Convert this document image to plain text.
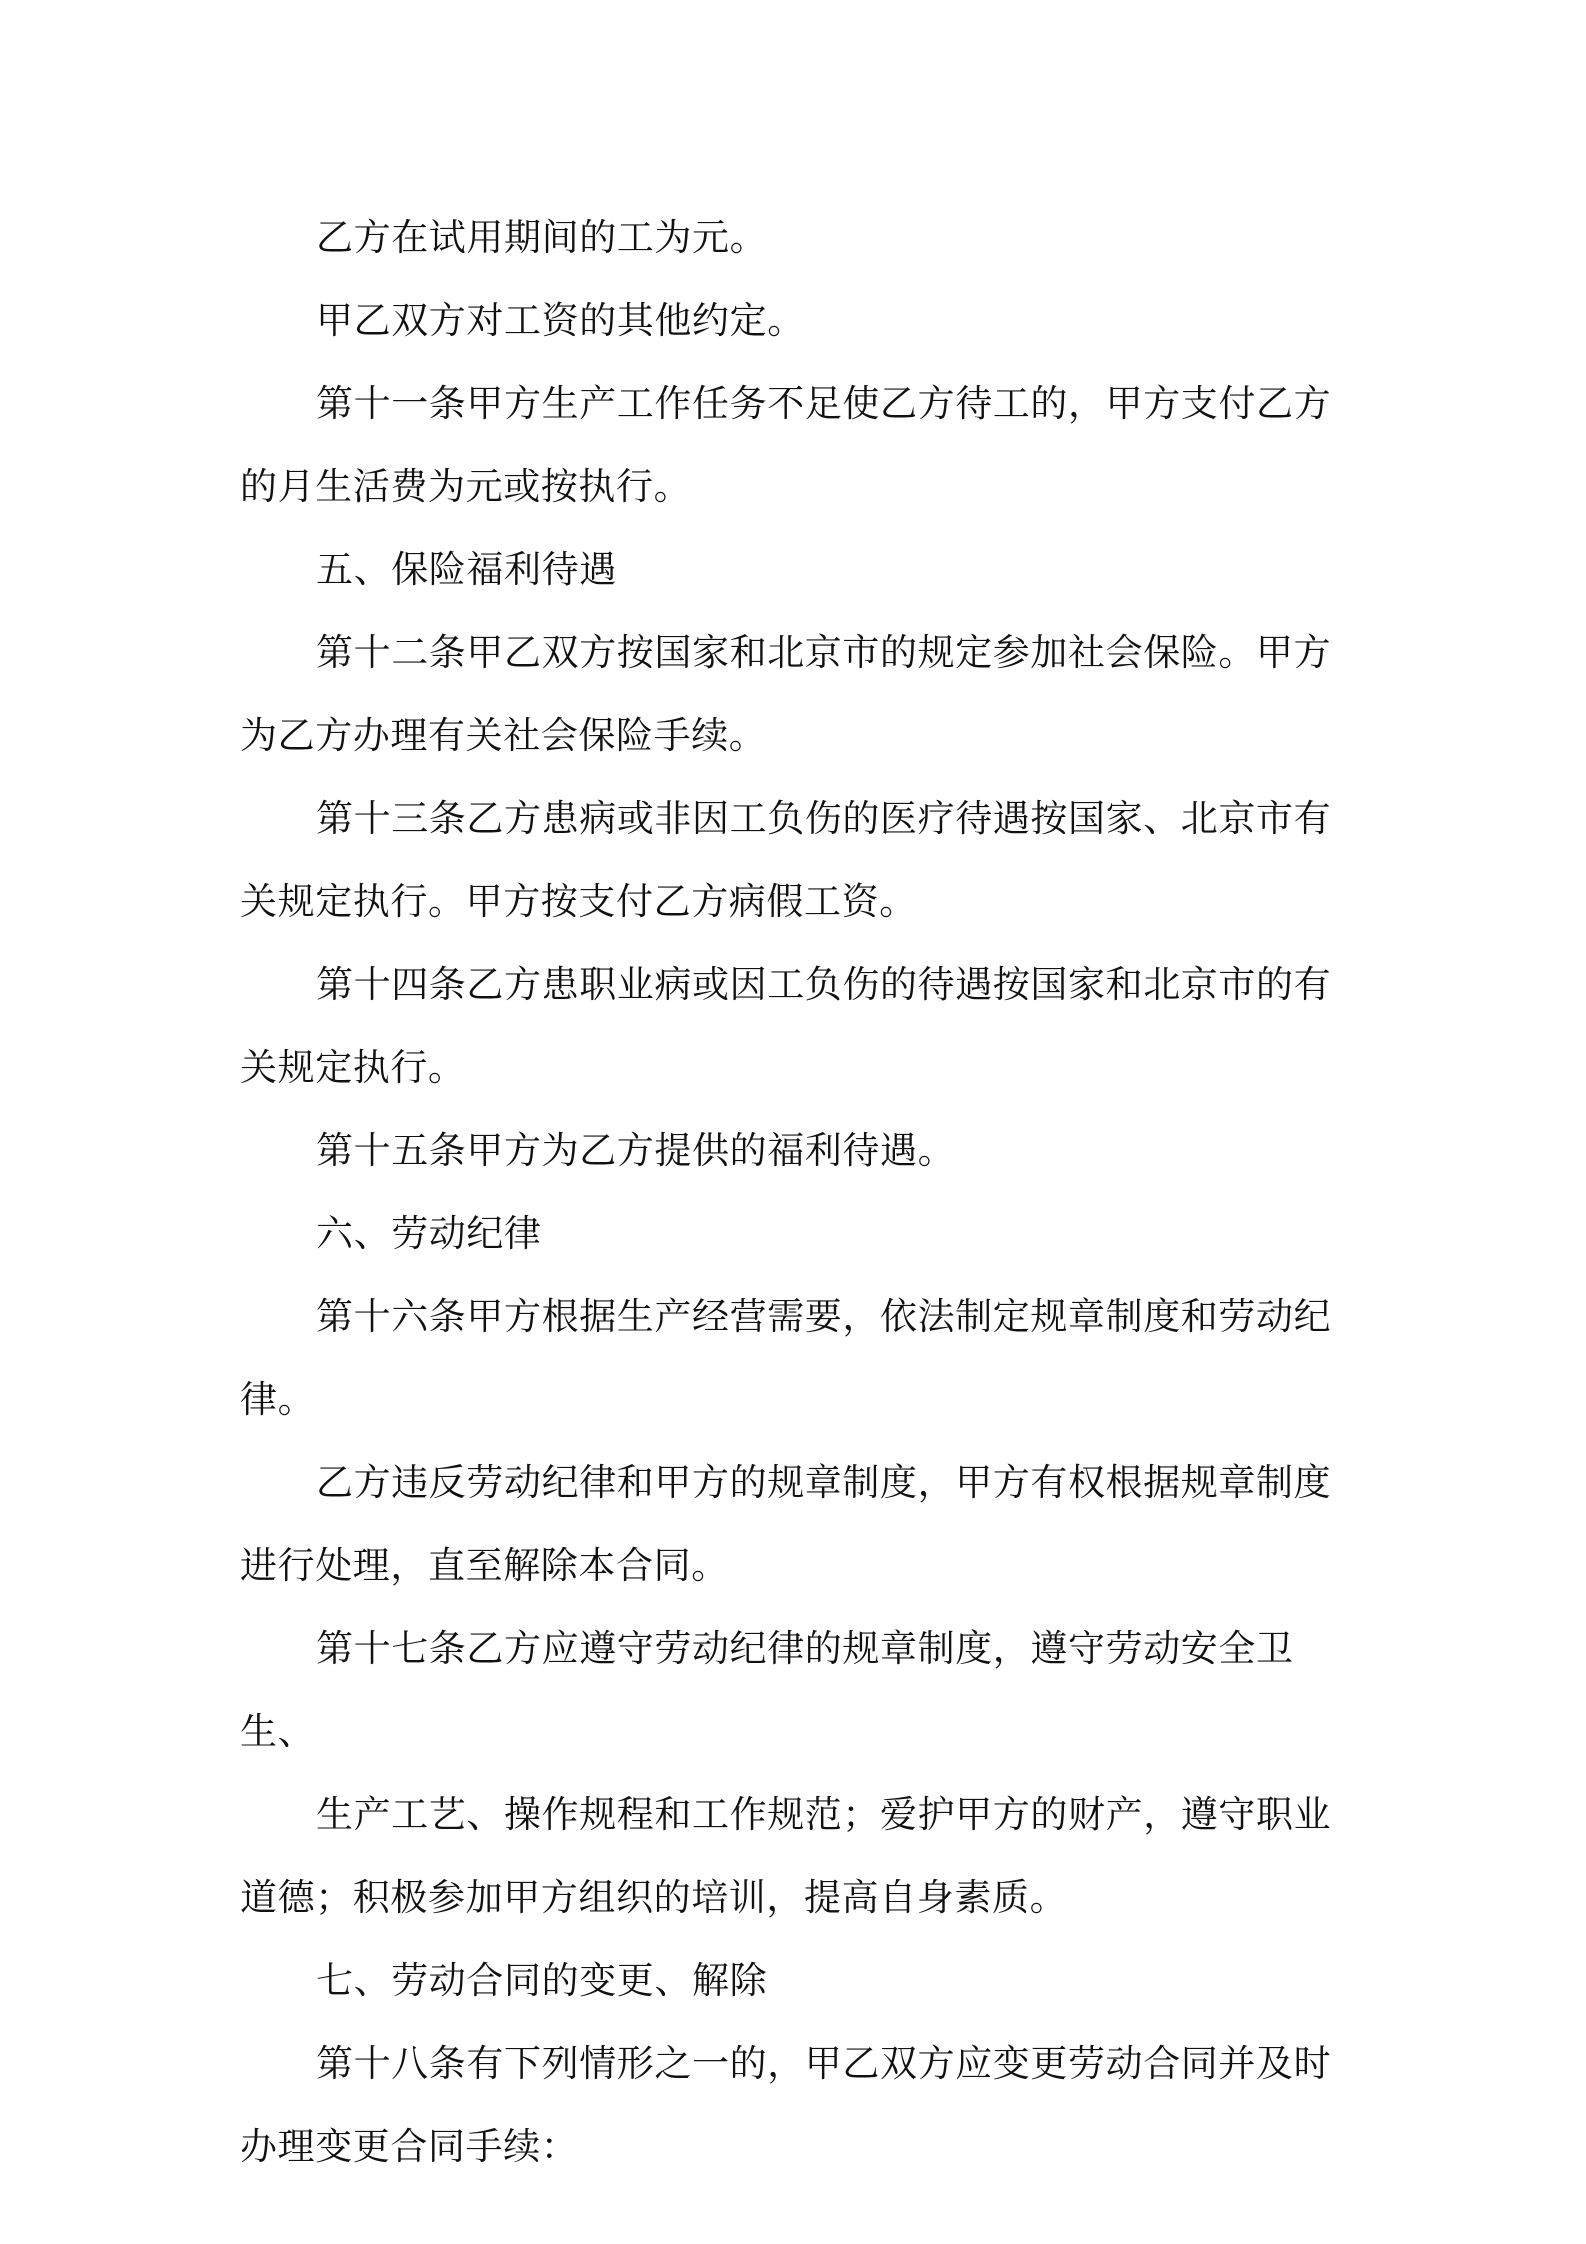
乙方在试用期间的工为元。

甲乙双方对工资的其他约定。

第十一条甲方生产工作任务不足使乙方待工的，甲方支付乙方的月生活费为元或按执行。

五、保险福利待遇

第十二条甲乙双方按国家和北京市的规定参加社会保险。甲方为乙方办理有关社会保险手续。

第十三条乙方患病或非因工负伤的医疗待遇按国家、北京市有关规定执行。甲方按支付乙方病假工资。

第十四条乙方患职业病或因工负伤的待遇按国家和北京市的有关规定执行。

第十五条甲方为乙方提供的福利待遇。

六、劳动纪律

第十六条甲方根据生产经营需要，依法制定规章制度和劳动纪律。

乙方违反劳动纪律和甲方的规章制度，甲方有权根据规章制度进行处理，直至解除本合同。

第十七条乙方应遵守劳动纪律的规章制度，遵守劳动安全卫生、

生产工艺、操作规程和工作规范；爱护甲方的财产，遵守职业道德；积极参加甲方组织的培训，提高自身素质。

七、劳动合同的变更、解除

第十八条有下列情形之一的，甲乙双方应变更劳动合同并及时办理变更合同手续：
